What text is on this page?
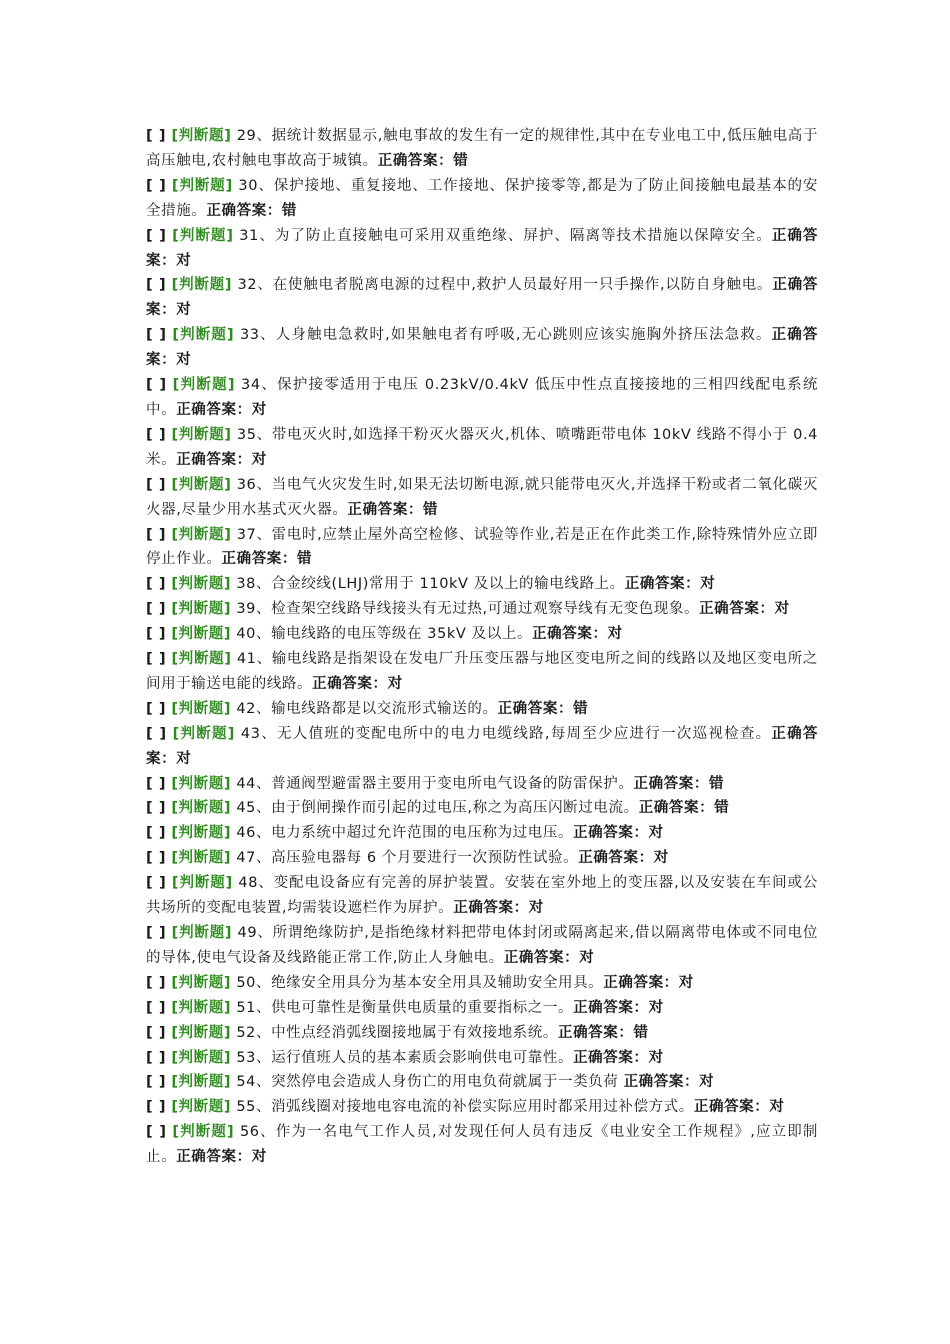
[ ] [判断题] 29、据统计数据显示,触电事故的发生有一定的规律性,其中在专业电工中,低压触电高于高压触电,农村触电事故高于城镇。正确答案：错

[ ] [判断题] 30、保护接地、重复接地、工作接地、保护接零等,都是为了防止间接触电最基本的安全措施。正确答案：错

[ ] [判断题] 31、为了防止直接触电可采用双重绝缘、屏护、隔离等技术措施以保障安全。正确答案：对

[ ] [判断题] 32、在使触电者脱离电源的过程中,救护人员最好用一只手操作,以防自身触电。正确答案：对

[ ] [判断题] 33、人身触电急救时,如果触电者有呼吸,无心跳则应该实施胸外挤压法急救。正确答案：对

[ ] [判断题] 34、保护接零适用于电压 0.23kV/0.4kV 低压中性点直接接地的三相四线配电系统中。正确答案：对

[ ] [判断题] 35、带电灭火时,如选择干粉灭火器灭火,机体、喷嘴距带电体 10kV 线路不得小于 0.4 米。正确答案：对

[ ] [判断题] 36、当电气火灾发生时,如果无法切断电源,就只能带电灭火,并选择干粉或者二氧化碳灭火器,尽量少用水基式灭火器。正确答案：错

[ ] [判断题] 37、雷电时,应禁止屋外高空检修、试验等作业,若是正在作此类工作,除特殊情外应立即停止作业。正确答案：错

[ ] [判断题] 38、合金绞线(LHJ)常用于 110kV 及以上的输电线路上。正确答案：对

[ ] [判断题] 39、检查架空线路导线接头有无过热,可通过观察导线有无变色现象。正确答案：对

[ ] [判断题] 40、输电线路的电压等级在 35kV 及以上。正确答案：对

[ ] [判断题] 41、输电线路是指架设在发电厂升压变压器与地区变电所之间的线路以及地区变电所之间用于输送电能的线路。正确答案：对

[ ] [判断题] 42、输电线路都是以交流形式输送的。正确答案：错

[ ] [判断题] 43、无人值班的变配电所中的电力电缆线路,每周至少应进行一次巡视检查。正确答案：对

[ ] [判断题] 44、普通阀型避雷器主要用于变电所电气设备的防雷保护。正确答案：错

[ ] [判断题] 45、由于倒闸操作而引起的过电压,称之为高压闪断过电流。正确答案：错

[ ] [判断题] 46、电力系统中超过允许范围的电压称为过电压。正确答案：对

[ ] [判断题] 47、高压验电器每 6 个月要进行一次预防性试验。正确答案：对

[ ] [判断题] 48、变配电设备应有完善的屏护装置。安装在室外地上的变压器,以及安装在车间或公共场所的变配电装置,均需装设遮栏作为屏护。正确答案：对

[ ] [判断题] 49、所谓绝缘防护,是指绝缘材料把带电体封闭或隔离起来,借以隔离带电体或不同电位的导体,使电气设备及线路能正常工作,防止人身触电。正确答案：对

[ ] [判断题] 50、绝缘安全用具分为基本安全用具及辅助安全用具。正确答案：对

[ ] [判断题] 51、供电可靠性是衡量供电质量的重要指标之一。正确答案：对

[ ] [判断题] 52、中性点经消弧线圈接地属于有效接地系统。正确答案：错

[ ] [判断题] 53、运行值班人员的基本素质会影响供电可靠性。正确答案：对

[ ] [判断题] 54、突然停电会造成人身伤亡的用电负荷就属于一类负荷 正确答案：对

[ ] [判断题] 55、消弧线圈对接地电容电流的补偿实际应用时都采用过补偿方式。正确答案：对

[ ] [判断题] 56、作为一名电气工作人员,对发现任何人员有违反《电业安全工作规程》,应立即制止。正确答案：对
